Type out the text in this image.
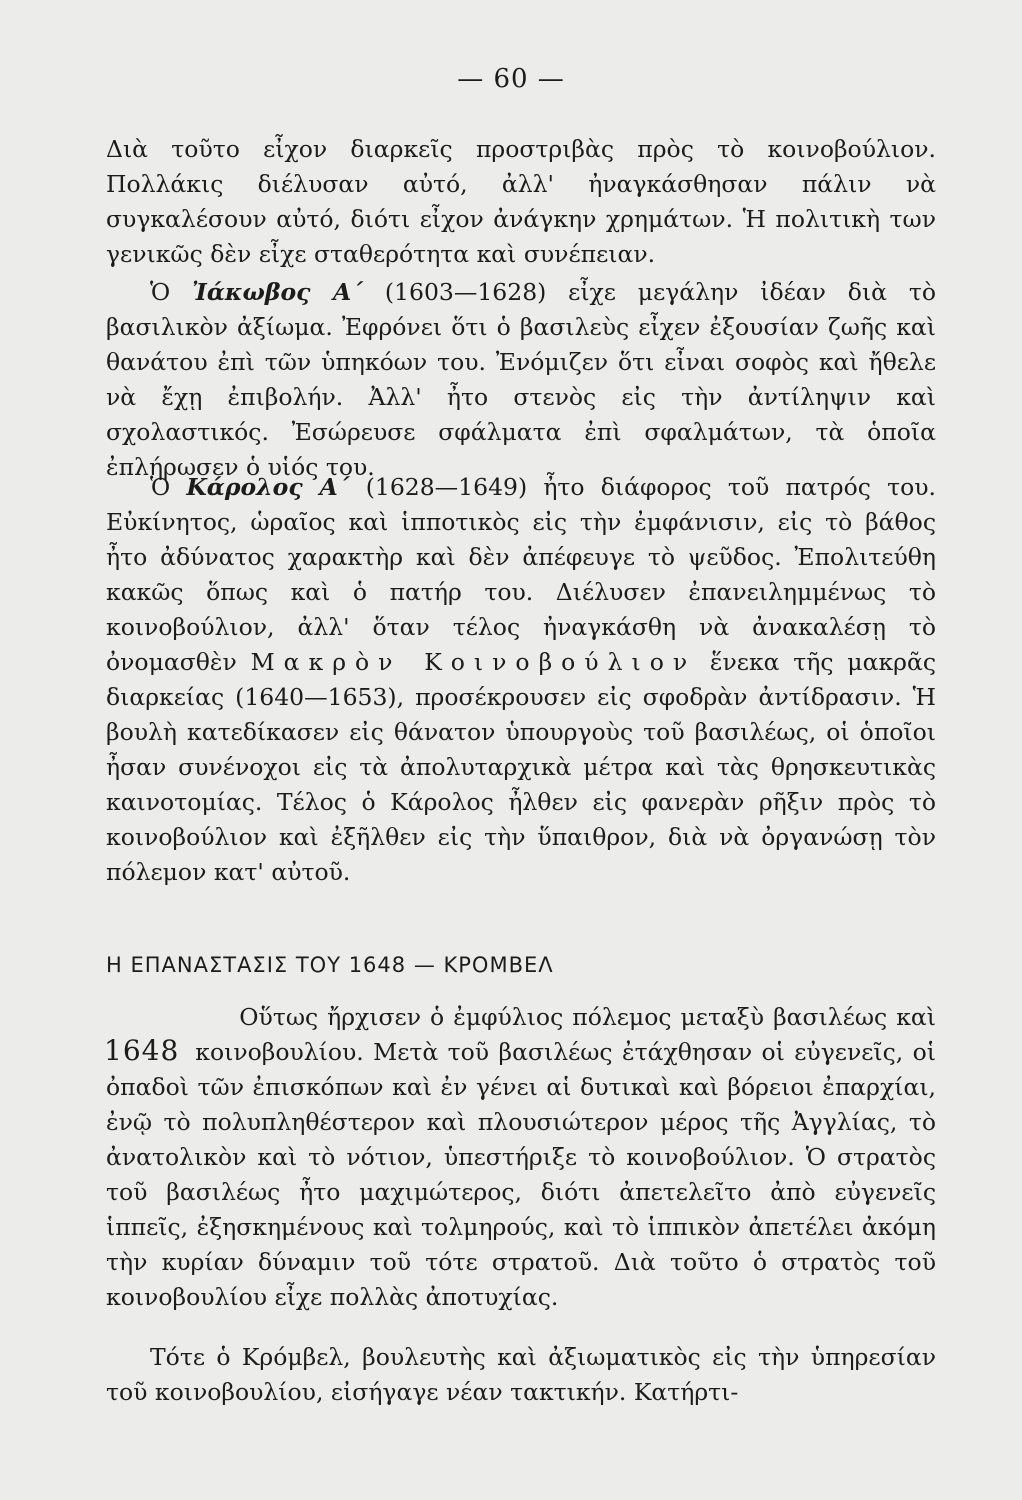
— 60 —

Διὰ τοῦτο εἶχον διαρκεῖς προστριβὰς πρὸς τὸ κοινοβούλιον. Πολλάκις διέλυσαν αὐτό, ἀλλ' ἠναγκάσθησαν πάλιν νὰ συγκαλέσουν αὐτό, διότι εἶχον ἀνάγκην χρημάτων. Ἡ πολιτικὴ των γενικῶς δὲν εἶχε σταθερότητα καὶ συνέπειαν.

Ὁ Ἰάκωβος Α΄ (1603—1628) εἶχε μεγάλην ἰδέαν διὰ τὸ βασιλικὸν ἀξίωμα. Ἐφρόνει ὅτι ὁ βασιλεὺς εἶχεν ἐξουσίαν ζωῆς καὶ θανάτου ἐπὶ τῶν ὑπηκόων του. Ἐνόμιζεν ὅτι εἶναι σοφὸς καὶ ἤθελε νὰ ἔχῃ ἐπιβολήν. Ἀλλ' ἦτο στενὸς εἰς τὴν ἀντίληψιν καὶ σχολαστικός. Ἐσώρευσε σφάλματα ἐπὶ σφαλμάτων, τὰ ὁποῖα ἐπλήρωσεν ὁ υἱός του.

Ὁ Κάρολος Α΄ (1628—1649) ἦτο διάφορος τοῦ πατρός του. Εὐκίνητος, ὡραῖος καὶ ἱπποτικὸς εἰς τὴν ἐμφάνισιν, εἰς τὸ βάθος ἦτο ἀδύνατος χαρακτὴρ καὶ δὲν ἀπέφευγε τὸ ψεῦδος. Ἐπολιτεύθη κακῶς ὅπως καὶ ὁ πατήρ του. Διέλυσεν ἐπανειλημμένως τὸ κοινοβούλιον, ἀλλ' ὅταν τέλος ἠναγκάσθη νὰ ἀνακαλέσῃ τὸ ὀνομασθὲν Μακρὸν Κοινοβούλιον ἕνεκα τῆς μακρᾶς διαρκείας (1640—1653), προσέκρουσεν εἰς σφοδρὰν ἀντίδρασιν. Ἡ βουλὴ κατεδίκασεν εἰς θάνατον ὑπουργοὺς τοῦ βασιλέως, οἱ ὁποῖοι ἦσαν συνένοχοι εἰς τὰ ἀπολυταρχικὰ μέτρα καὶ τὰς θρησκευτικὰς καινοτομίας. Τέλος ὁ Κάρολος ἦλθεν εἰς φανερὰν ρῆξιν πρὸς τὸ κοινοβούλιον καὶ ἐξῆλθεν εἰς τὴν ὕπαιθρον, διὰ νὰ ὀργανώσῃ τὸν πόλεμον κατ' αὐτοῦ.

Η ΕΠΑΝΑΣΤΑΣΙΣ ΤΟΥ 1648 — ΚΡΟΜΒΕΛ
1648

Οὕτως ἤρχισεν ὁ ἐμφύλιος πόλεμος μεταξὺ βασιλέως καὶ κοινοβουλίου. Μετὰ τοῦ βασιλέως ἐτάχθησαν οἱ εὐγενεῖς, οἱ ὀπαδοὶ τῶν ἐπισκόπων καὶ ἐν γένει αἱ δυτικαὶ καὶ βόρειοι ἐπαρχίαι, ἐνῷ τὸ πολυπληθέστερον καὶ πλουσιώτερον μέρος τῆς Ἀγγλίας, τὸ ἀνατολικὸν καὶ τὸ νότιον, ὑπεστήριξε τὸ κοινοβούλιον. Ὁ στρατὸς τοῦ βασιλέως ἦτο μαχιμώτερος, διότι ἀπετελεῖτο ἀπὸ εὐγενεῖς ἱππεῖς, ἐξησκημένους καὶ τολμηρούς, καὶ τὸ ἱππικὸν ἀπετέλει ἀκόμη τὴν κυρίαν δύναμιν τοῦ τότε στρατοῦ. Διὰ τοῦτο ὁ στρατὸς τοῦ κοινοβουλίου εἶχε πολλὰς ἀποτυχίας.

Τότε ὁ Κρόμβελ, βουλευτὴς καὶ ἀξιωματικὸς εἰς τὴν ὑπηρεσίαν τοῦ κοινοβουλίου, εἰσήγαγε νέαν τακτικήν. Κατήρτι-
